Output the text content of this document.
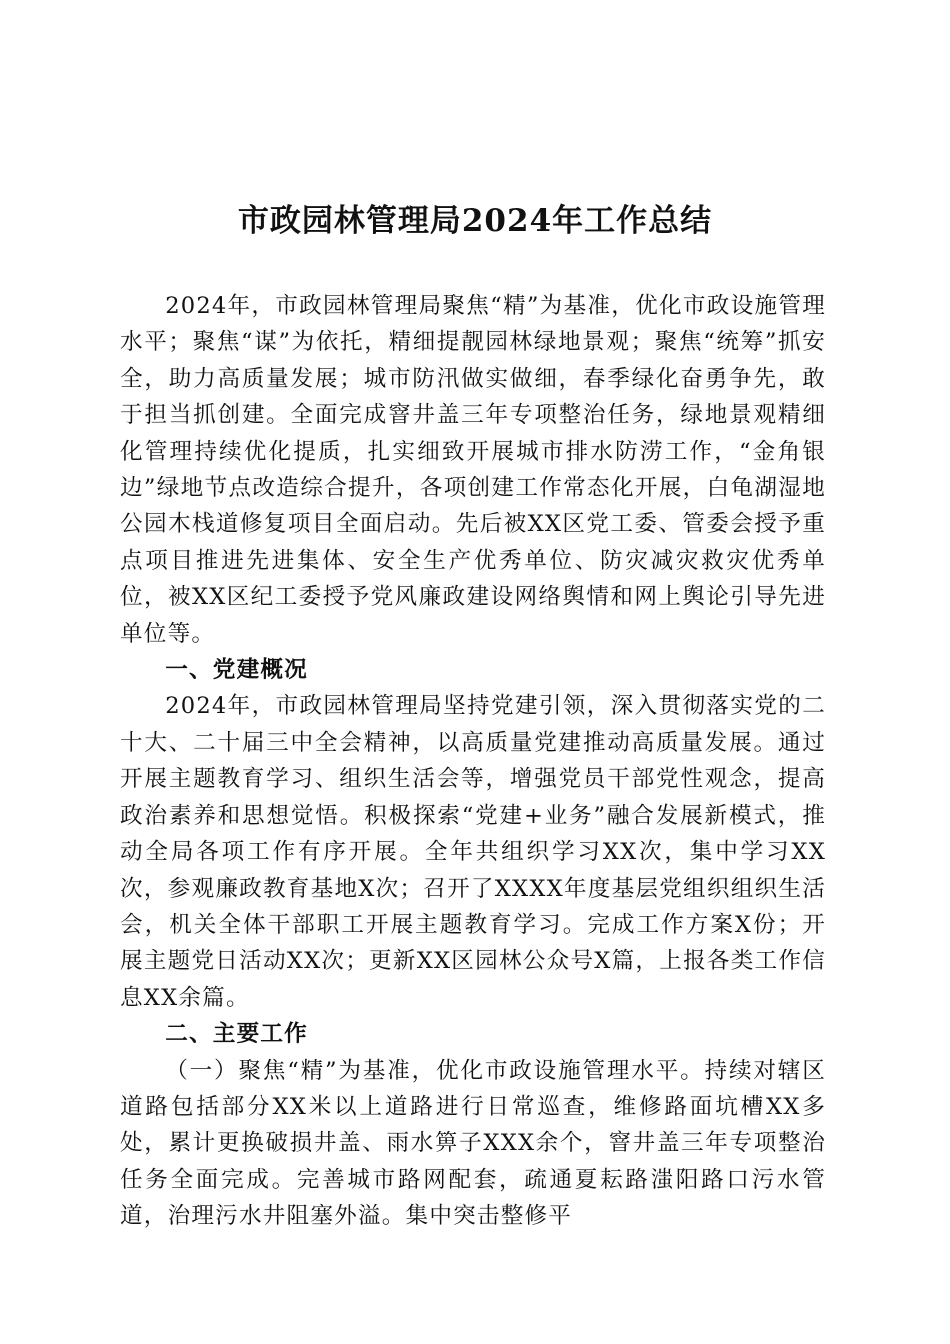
市政园林管理局2024年工作总结

2024年，市政园林管理局聚焦“精”为基准，优化市政设施管理水平；聚焦“谋”为依托，精细提靓园林绿地景观；聚焦“统筹”抓安全，助力高质量发展；城市防汛做实做细，春季绿化奋勇争先，敢于担当抓创建。全面完成窨井盖三年专项整治任务，绿地景观精细化管理持续优化提质，扎实细致开展城市排水防涝工作，“金角银边”绿地节点改造综合提升，各项创建工作常态化开展，白龟湖湿地公园木栈道修复项目全面启动。先后被XX区党工委、管委会授予重点项目推进先进集体、安全生产优秀单位、防灾减灾救灾优秀单位，被XX区纪工委授予党风廉政建设网络舆情和网上舆论引导先进单位等。

一、党建概况

2024年，市政园林管理局坚持党建引领，深入贯彻落实党的二十大、二十届三中全会精神，以高质量党建推动高质量发展。通过开展主题教育学习、组织生活会等，增强党员干部党性观念，提高政治素养和思想觉悟。积极探索“党建+业务”融合发展新模式，推动全局各项工作有序开展。全年共组织学习XX次，集中学习XX次，参观廉政教育基地X次；召开了XXXX年度基层党组织组织生活会，机关全体干部职工开展主题教育学习。完成工作方案X份；开展主题党日活动XX次；更新XX区园林公众号X篇，上报各类工作信息XX余篇。

二、主要工作

（一）聚焦“精”为基准，优化市政设施管理水平。持续对辖区道路包括部分XX米以上道路进行日常巡查，维修路面坑槽XX多处，累计更换破损井盖、雨水箅子XXX余个，窨井盖三年专项整治任务全面完成。完善城市路网配套，疏通夏耘路滍阳路口污水管道，治理污水井阻塞外溢。集中突击整修平
